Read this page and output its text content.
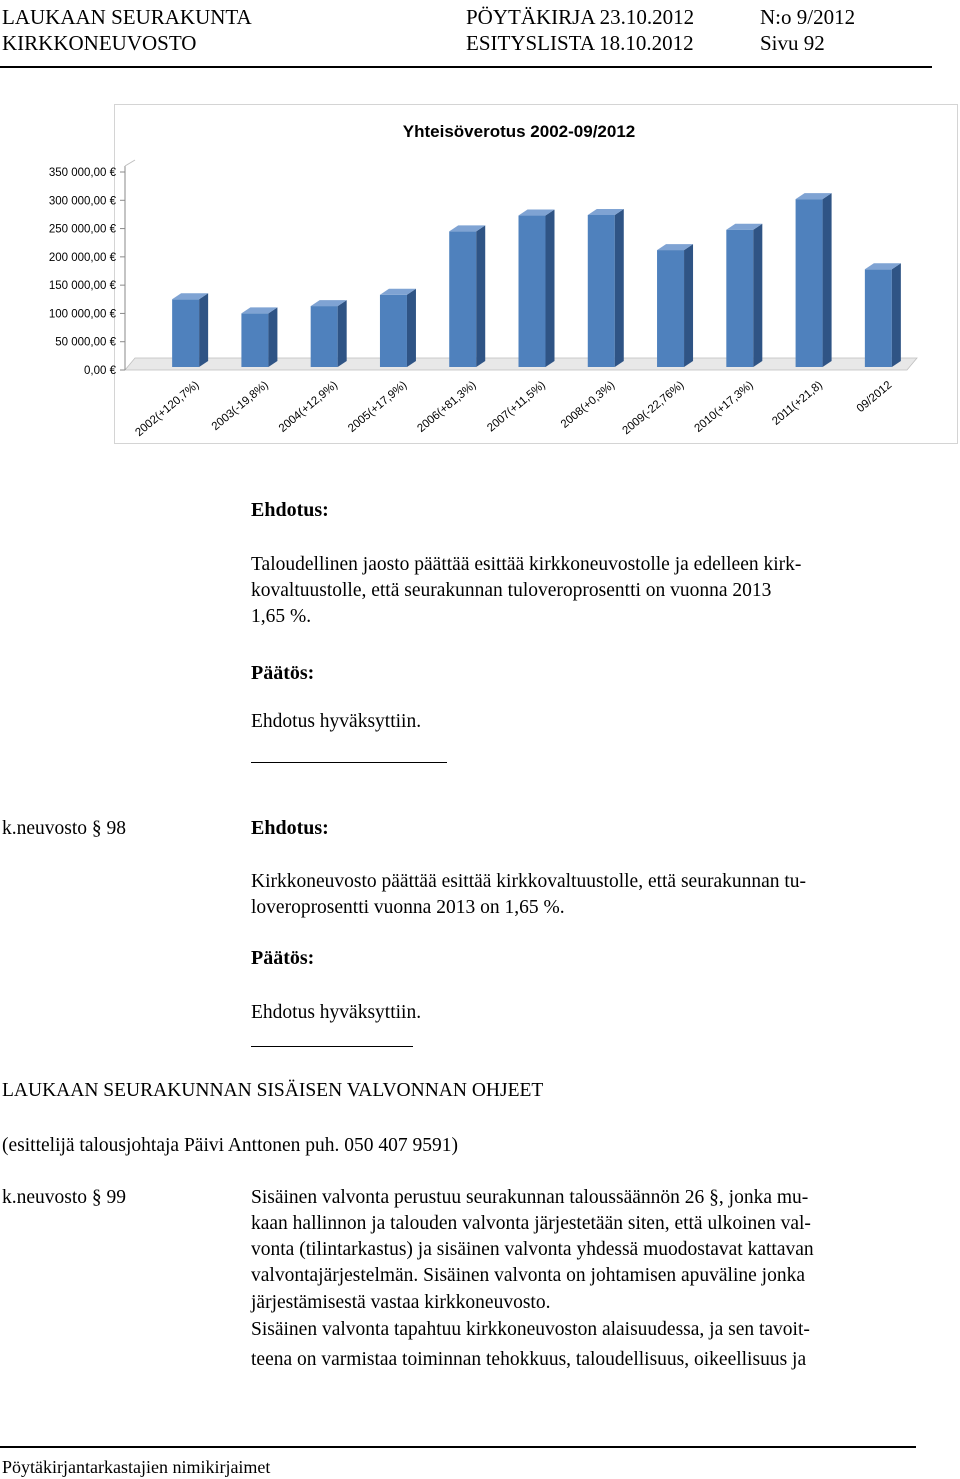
LAUKAAN SEURAKUNTA	PÖYTÄKIRJA 23.10.2012	N:o 9/2012
KIRKKONEUVOSTO	ESITYSLISTA 18.10.2012	Sivu 92
Yhteisöverotus 2002-09/2012
2002(+120,7%) 2003(-19,8%) 2004(+12,9%) 2005(+17,9%) 2006(+81,3%) 2007(+11,5%) 2008(+0,3%) 2009(-22,76%) 2010(+17,3%) 2011(+21,8)	09/2012
0,00 €
50 000,00 €
100 000,00 €
150 000,00 €
200 000,00 €
250 000,00 €
300 000,00 €
350 000,00 €
Ehdotus:
Taloudellinen jaosto päättää esittää kirkkoneuvostolle ja edelleen kirk-
kovaltuustolle, että seurakunnan tuloveroprosentti on vuonna 2013
1,65 %.
Päätös:
Ehdotus hyväksyttiin.
k.neuvosto § 98	Ehdotus:
Kirkkoneuvosto päättää esittää kirkkovaltuustolle, että seurakunnan tu-
loveroprosentti vuonna 2013 on 1,65 %.
Päätös:
Ehdotus hyväksyttiin.
LAUKAAN SEURAKUNNAN SISÄISEN VALVONNAN OHJEET
(esittelijä talousjohtaja Päivi Anttonen puh. 050 407 9591)
k.neuvosto § 99	Sisäinen valvonta perustuu seurakunnan taloussäännön 26 §, jonka mu-
kaan hallinnon ja talouden valvonta järjestetään siten, että ulkoinen val-
vonta (tilintarkastus) ja sisäinen valvonta yhdessä muodostavat kattavan
valvontajärjestelmän. Sisäinen valvonta on johtamisen apuväline jonka
järjestämisestä vastaa kirkkoneuvosto.
Sisäinen valvonta tapahtuu kirkkoneuvoston alaisuudessa, ja sen tavoit-
teena on varmistaa toiminnan tehokkuus, taloudellisuus, oikeellisuus ja
Pöytäkirjantarkastajien nimikirjaimet
